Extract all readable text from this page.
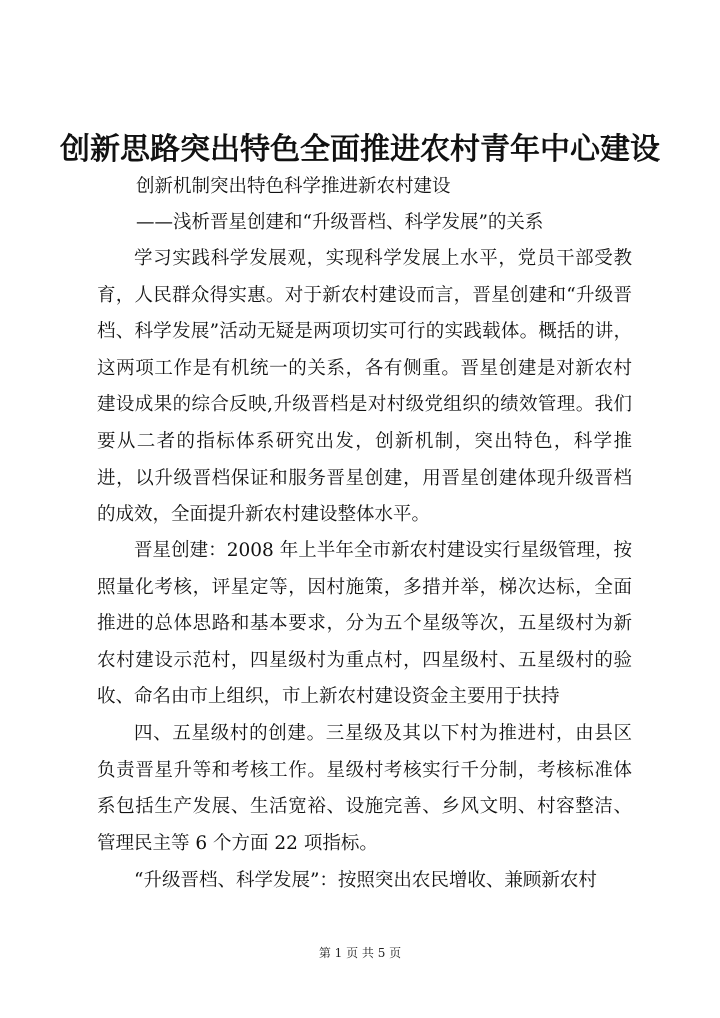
创新思路突出特色全面推进农村青年中心建设
创新机制突出特色科学推进新农村建设
——浅析晋星创建和“升级晋档、科学发展”的关系

学习实践科学发展观，实现科学发展上水平，党员干部受教育，人民群众得实惠。对于新农村建设而言，晋星创建和“升级晋档、科学发展”活动无疑是两项切实可行的实践载体。概括的讲，这两项工作是有机统一的关系，各有侧重。晋星创建是对新农村建设成果的综合反映,升级晋档是对村级党组织的绩效管理。我们要从二者的指标体系研究出发，创新机制，突出特色，科学推进，以升级晋档保证和服务晋星创建，用晋星创建体现升级晋档的成效，全面提升新农村建设整体水平。

晋星创建：2008 年上半年全市新农村建设实行星级管理，按照量化考核，评星定等，因村施策，多措并举，梯次达标，全面推进的总体思路和基本要求，分为五个星级等次，五星级村为新农村建设示范村，四星级村为重点村，四星级村、五星级村的验收、命名由市上组织，市上新农村建设资金主要用于扶持

四、五星级村的创建。三星级及其以下村为推进村，由县区负责晋星升等和考核工作。星级村考核实行千分制，考核标准体系包括生产发展、生活宽裕、设施完善、乡风文明、村容整洁、管理民主等 6 个方面 22 项指标。

“升级晋档、科学发展”：按照突出农民增收、兼顾新农村

第 1 页 共 5 页
